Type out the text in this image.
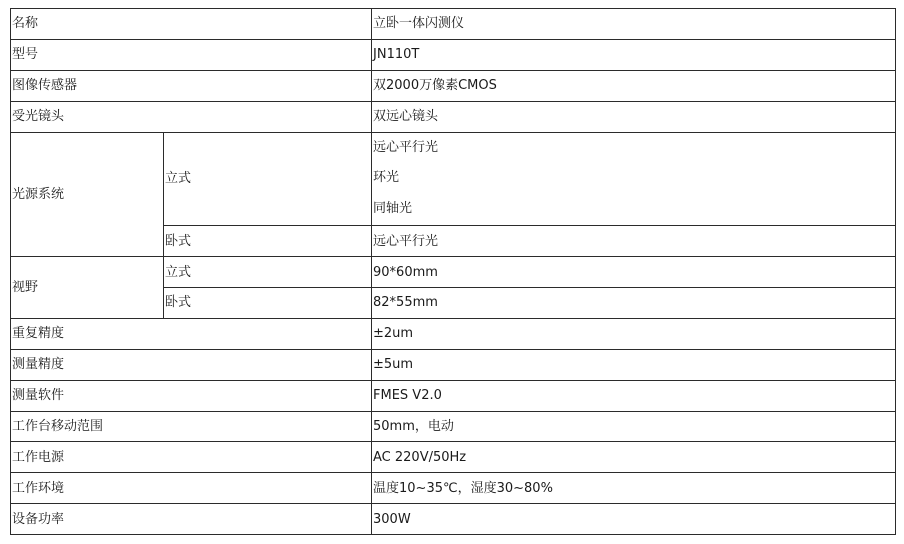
名称		立卧一体闪测仪
型号		JN110T
图像传感器		双2000万像素CMOS
受光镜头		双远心镜头
光源系统	立式	远心平行光
环光
同轴光

	卧式	远心平行光
视野	立式	90*60mm
	卧式	82*55mm
重复精度		±2um
测量精度		±5um
测量软件		FMES V2.0
工作台移动范围		50mm，电动
工作电源		AC 220V/50Hz
工作环境		温度10~35℃，湿度30~80%
设备功率		300W
